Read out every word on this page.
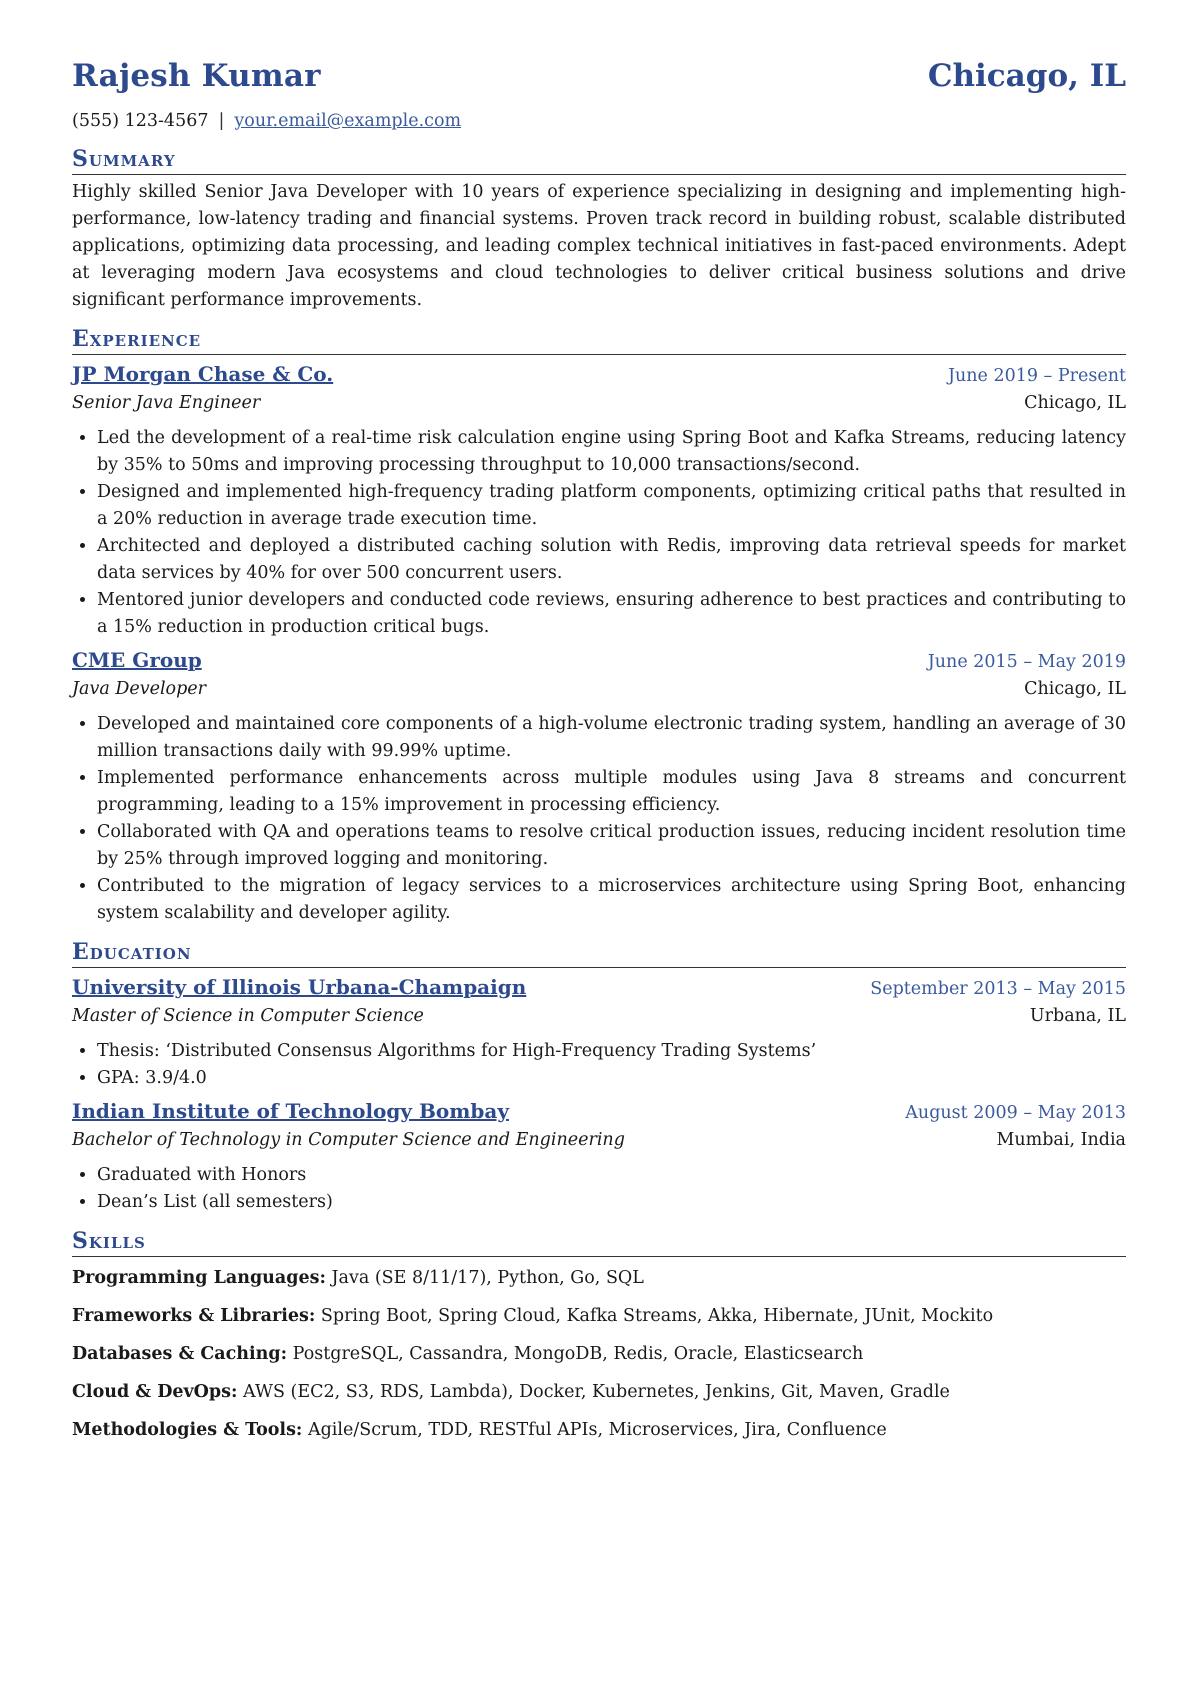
Rajesh Kumar	Chicago, IL
(555) 123-4567 | your.email@example.com
Summary

Highly skilled Senior Java Developer with 10 years of experience specializing in designing and implementing high-performance, low-latency trading and financial systems. Proven track record in building robust, scalable distributed applications, optimizing data processing, and leading complex technical initiatives in fast-paced environments. Adept at leveraging modern Java ecosystems and cloud technologies to deliver critical business solutions and drive significant performance improvements.

Experience
JP Morgan Chase & Co.	June 2019 – Present
Senior Java Engineer	Chicago, IL
• Led the development of a real-time risk calculation engine using Spring Boot and Kafka Streams, reducing latency by 35% to 50ms and improving processing throughput to 10,000 transactions/second.
• Designed and implemented high-frequency trading platform components, optimizing critical paths that resulted in a 20% reduction in average trade execution time.
• Architected and deployed a distributed caching solution with Redis, improving data retrieval speeds for market data services by 40% for over 500 concurrent users.
• Mentored junior developers and conducted code reviews, ensuring adherence to best practices and contributing to a 15% reduction in production critical bugs.
CME Group	June 2015 – May 2019
Java Developer	Chicago, IL
• Developed and maintained core components of a high-volume electronic trading system, handling an average of 30 million transactions daily with 99.99% uptime.
• Implemented performance enhancements across multiple modules using Java 8 streams and concurrent programming, leading to a 15% improvement in processing efficiency.
• Collaborated with QA and operations teams to resolve critical production issues, reducing incident resolution time by 25% through improved logging and monitoring.
• Contributed to the migration of legacy services to a microservices architecture using Spring Boot, enhancing system scalability and developer agility.
Education
University of Illinois Urbana-Champaign	September 2013 – May 2015
Master of Science in Computer Science	Urbana, IL
• Thesis: ‘Distributed Consensus Algorithms for High-Frequency Trading Systems’
• GPA: 3.9/4.0
Indian Institute of Technology Bombay	August 2009 – May 2013
Bachelor of Technology in Computer Science and Engineering	Mumbai, India
• Graduated with Honors
• Dean’s List (all semesters)
Skills
Programming Languages: Java (SE 8/11/17), Python, Go, SQL
Frameworks & Libraries: Spring Boot, Spring Cloud, Kafka Streams, Akka, Hibernate, JUnit, Mockito
Databases & Caching: PostgreSQL, Cassandra, MongoDB, Redis, Oracle, Elasticsearch
Cloud & DevOps: AWS (EC2, S3, RDS, Lambda), Docker, Kubernetes, Jenkins, Git, Maven, Gradle
Methodologies & Tools: Agile/Scrum, TDD, RESTful APIs, Microservices, Jira, Confluence
